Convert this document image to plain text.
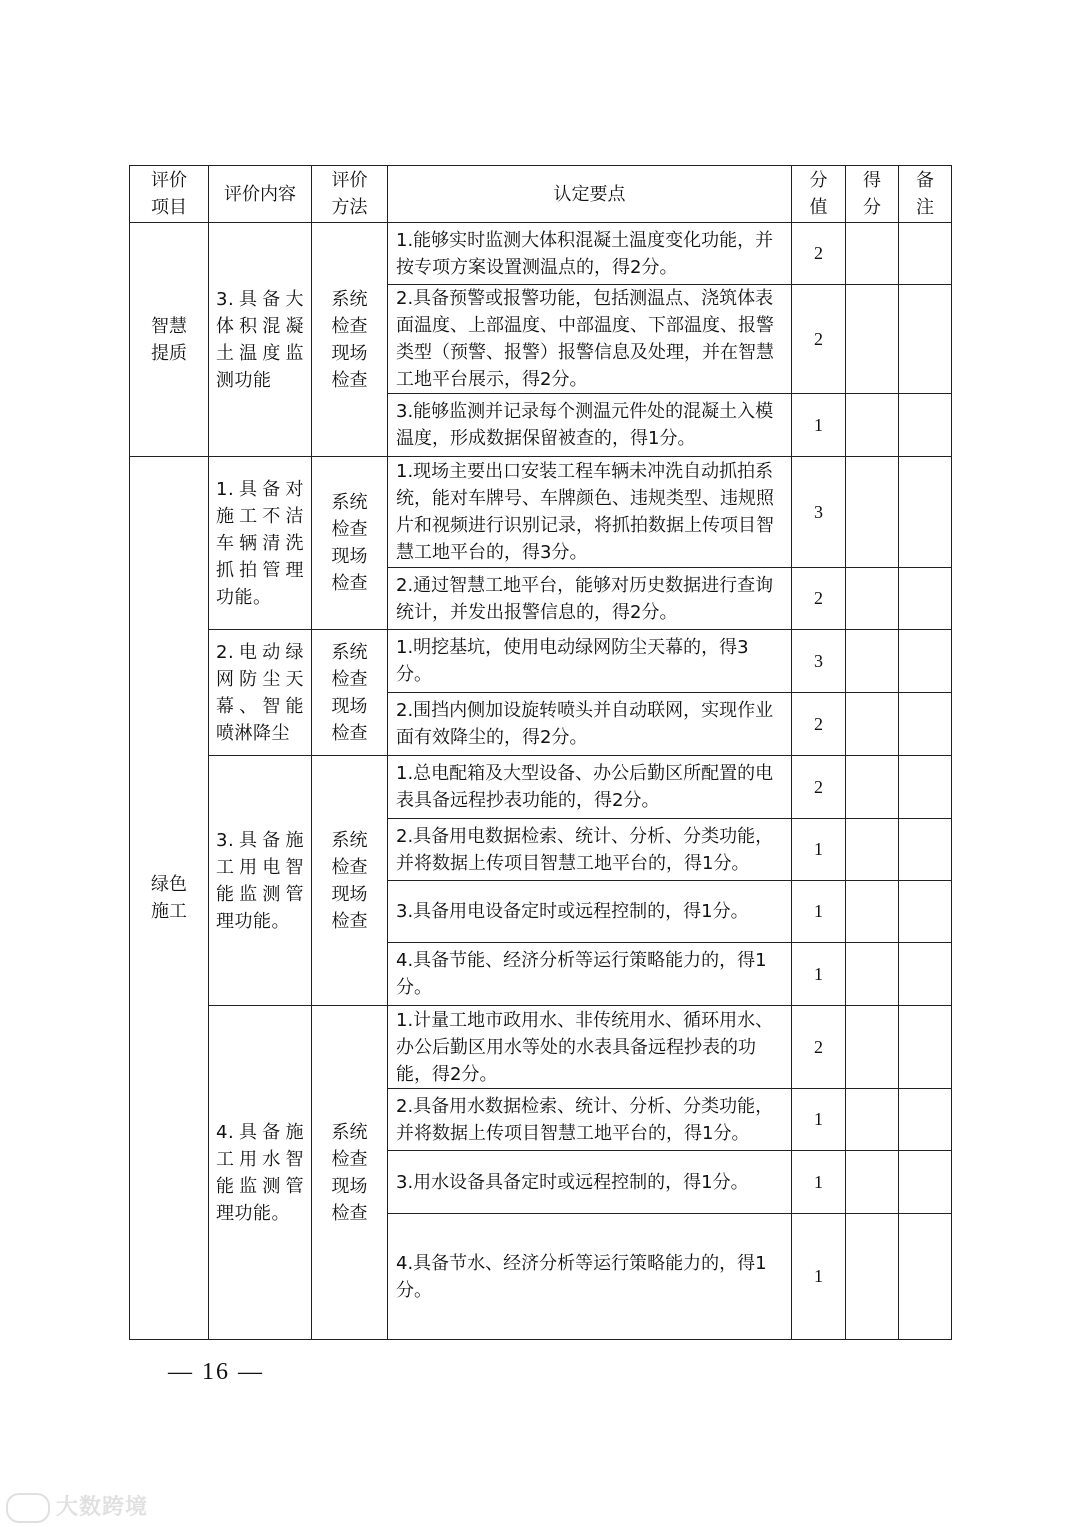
评价项目	评价内容	评价方法	认定要点	分值	得分	备注

智慧提质	3.具备大体积混凝土温度监测功能	系统检查现场检查	1.能够实时监测大体积混凝土温度变化功能，并按专项方案设置测温点的，得2分。	2		
			2.具备预警或报警功能，包括测温点、浇筑体表面温度、上部温度、中部温度、下部温度、报警类型（预警、报警）报警信息及处理，并在智慧工地平台展示，得2分。	2		
			3.能够监测并记录每个测温元件处的混凝土入模温度，形成数据保留被查的，得1分。	1		

绿色施工	1.具备对施工不洁车辆清洗抓拍管理功能。	系统检查现场检查	1.现场主要出口安装工程车辆未冲洗自动抓拍系统，能对车牌号、车牌颜色、违规类型、违规照片和视频进行识别记录，将抓拍数据上传项目智慧工地平台的，得3分。	3		
			2.通过智慧工地平台，能够对历史数据进行查询统计，并发出报警信息的，得2分。	2		
	2.电动绿网防尘天幕、智能喷淋降尘	系统检查现场检查	1.明挖基坑，使用电动绿网防尘天幕的，得3分。	3		
			2.围挡内侧加设旋转喷头并自动联网，实现作业面有效降尘的，得2分。	2		
	3.具备施工用电智能监测管理功能。	系统检查现场检查	1.总电配箱及大型设备、办公后勤区所配置的电表具备远程抄表功能的，得2分。	2		
			2.具备用电数据检索、统计、分析、分类功能，并将数据上传项目智慧工地平台的，得1分。	1		
			3.具备用电设备定时或远程控制的，得1分。	1		
			4.具备节能、经济分析等运行策略能力的，得1分。	1		
	4.具备施工用水智能监测管理功能。	系统检查现场检查	1.计量工地市政用水、非传统用水、循环用水、办公后勤区用水等处的水表具备远程抄表的功能，得2分。	2		
			2.具备用水数据检索、统计、分析、分类功能，并将数据上传项目智慧工地平台的，得1分。	1		
			3.用水设备具备定时或远程控制的，得1分。	1		
			4.具备节水、经济分析等运行策略能力的，得1分。	1		
— 16 —
大数跨境
